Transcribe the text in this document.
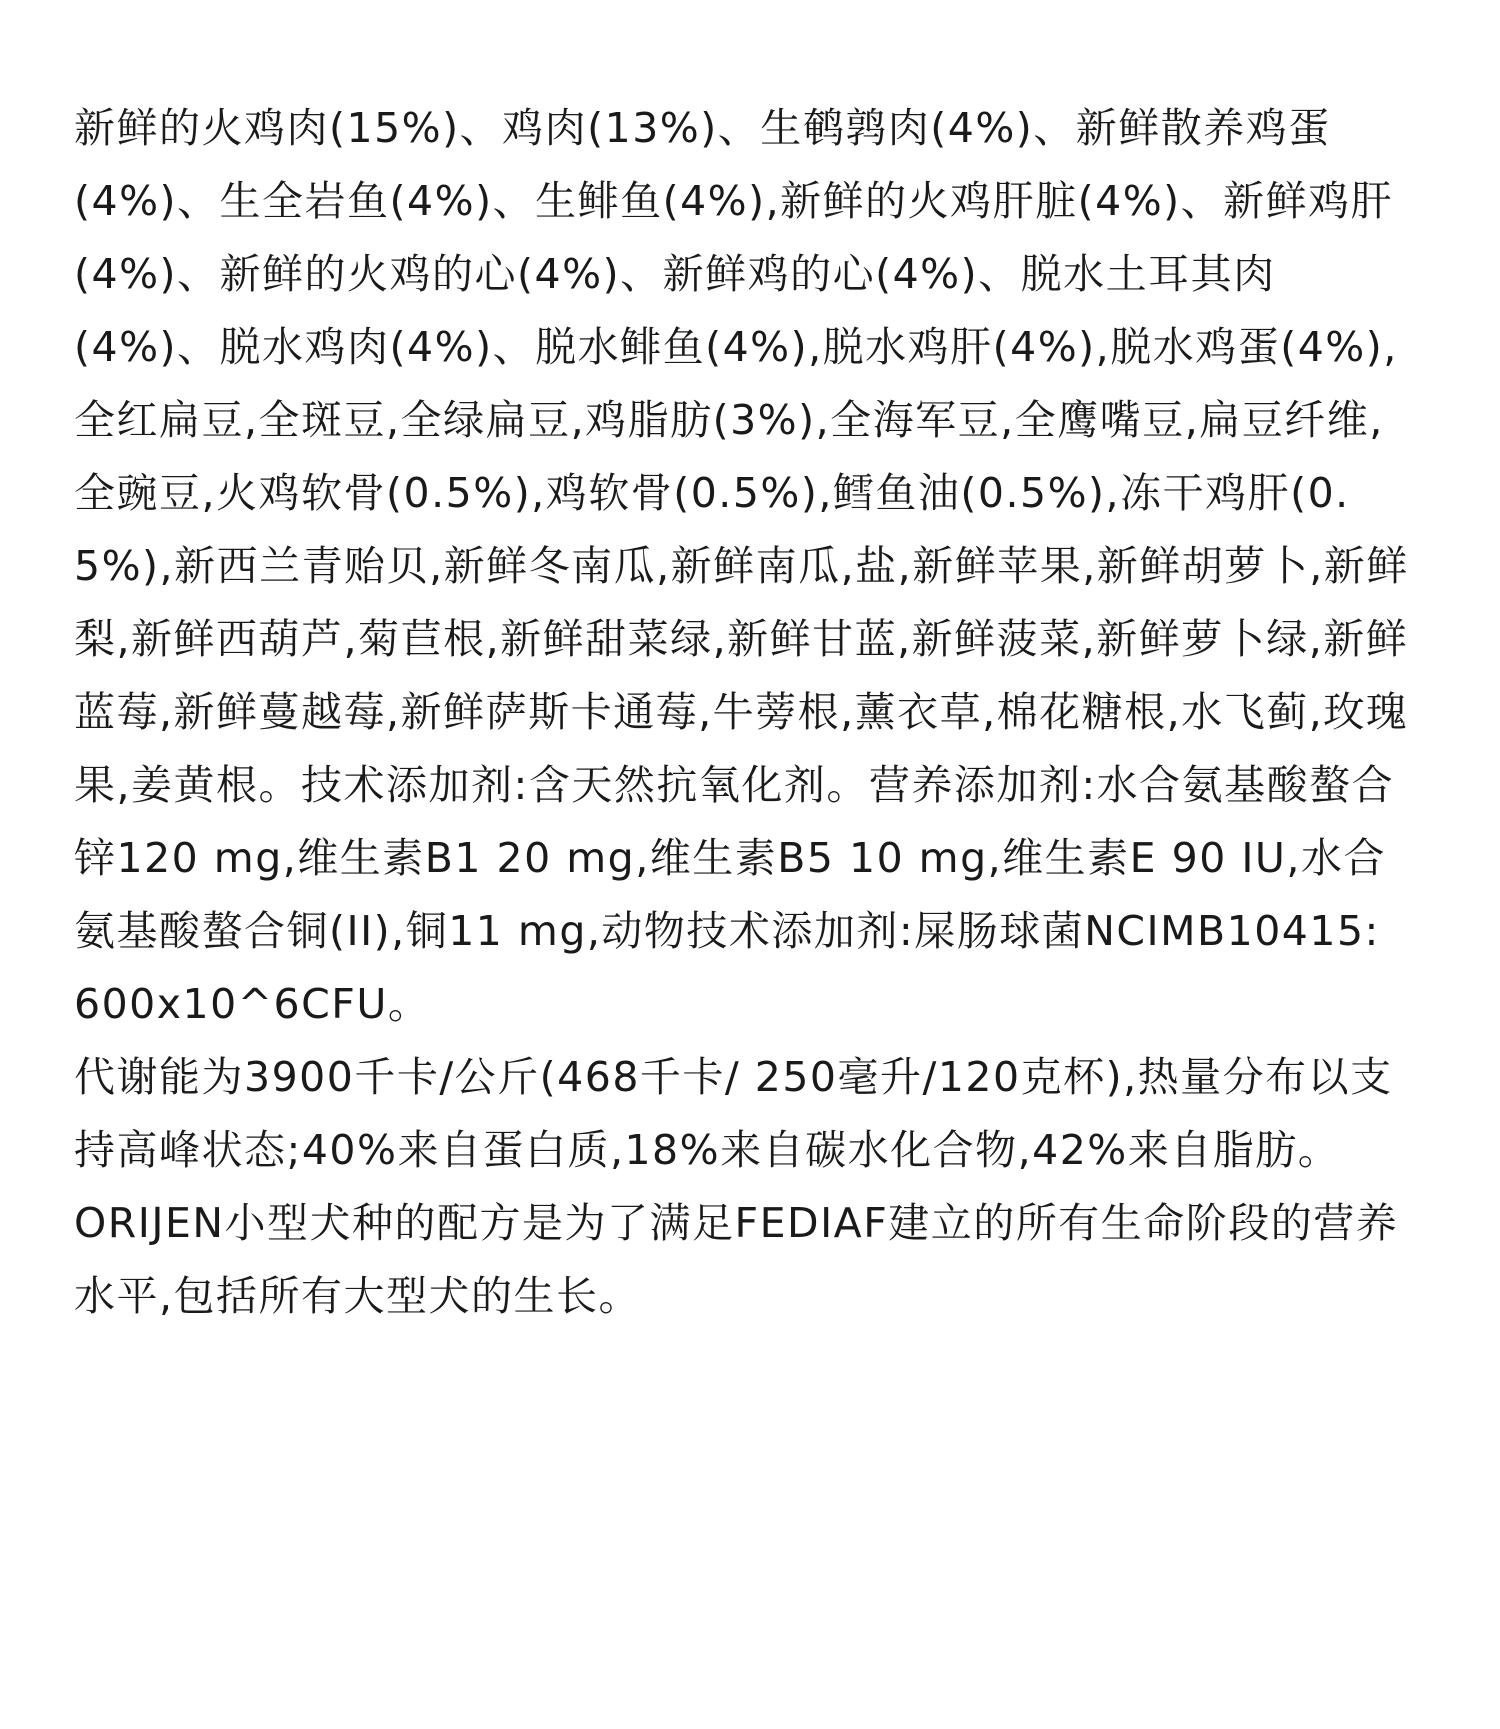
新鲜的火鸡肉(15%)、鸡肉(13%)、生鹌鹑肉(4%)、新鲜散养鸡蛋(4%)、生全岩鱼(4%)、生鲱鱼(4%),新鲜的火鸡肝脏(4%)、新鲜鸡肝(4%)、新鲜的火鸡的心(4%)、新鲜鸡的心(4%)、脱水土耳其肉(4%)、脱水鸡肉(4%)、脱水鲱鱼(4%),脱水鸡肝(4%),脱水鸡蛋(4%),全红扁豆,全斑豆,全绿扁豆,鸡脂肪(3%),全海军豆,全鹰嘴豆,扁豆纤维,全豌豆,火鸡软骨(0.5%),鸡软骨(0.5%),鳕鱼油(0.5%),冻干鸡肝(0.5%),新西兰青贻贝,新鲜冬南瓜,新鲜南瓜,盐,新鲜苹果,新鲜胡萝卜,新鲜梨,新鲜西葫芦,菊苣根,新鲜甜菜绿,新鲜甘蓝,新鲜菠菜,新鲜萝卜绿,新鲜蓝莓,新鲜蔓越莓,新鲜萨斯卡通莓,牛蒡根,薰衣草,棉花糖根,水飞蓟,玫瑰果,姜黄根。技术添加剂:含天然抗氧化剂。营养添加剂:水合氨基酸螯合锌120 mg,维生素B1 20 mg,维生素B5 10 mg,维生素E 90 IU,水合氨基酸螯合铜(II),铜11 mg,动物技术添加剂:屎肠球菌NCIMB10415: 600x10^6CFU。

代谢能为3900千卡/公斤(468千卡/ 250毫升/120克杯),热量分布以支持高峰状态;40%来自蛋白质,18%来自碳水化合物,42%来自脂肪。

ORIJEN小型犬种的配方是为了满足FEDIAF建立的所有生命阶段的营养水平,包括所有大型犬的生长。
